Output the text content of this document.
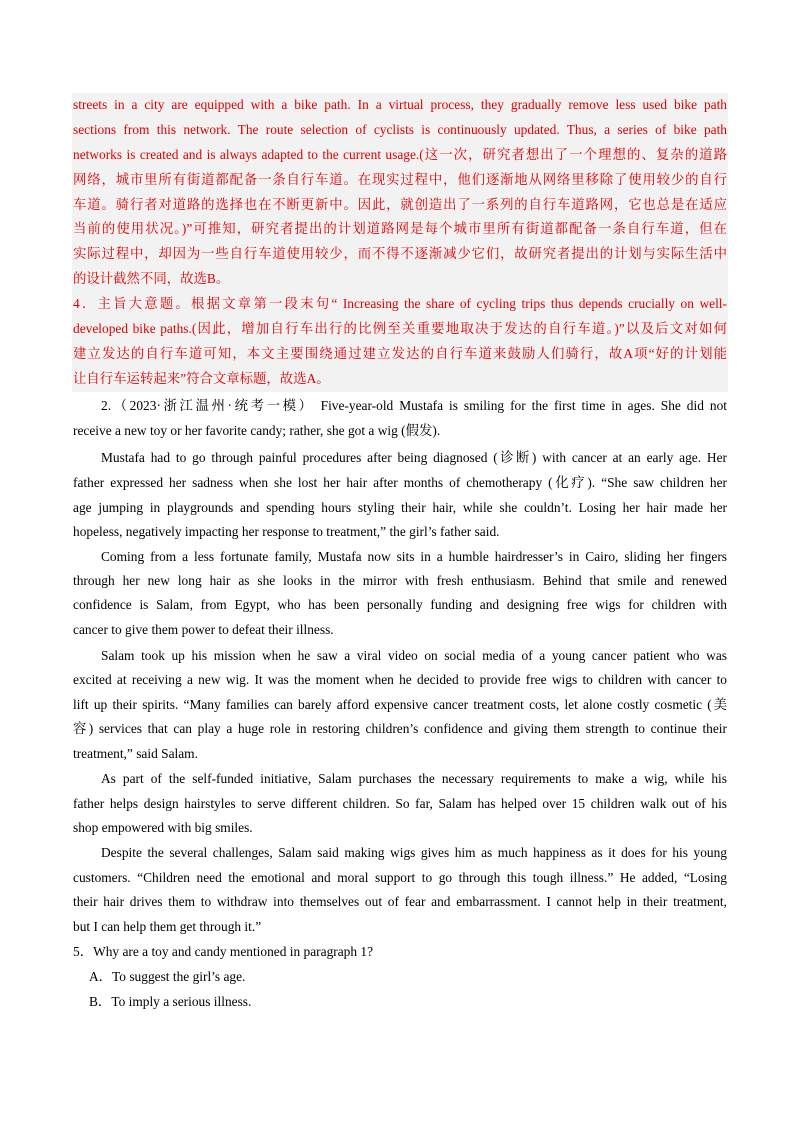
streets in a city are equipped with a bike path. In a virtual process, they gradually remove less used bike path
sections from this network. The route selection of cyclists is continuously updated. Thus, a series of bike path
networks is created and is always adapted to the current usage.(这一次，研究者想出了一个理想的、复杂的道路
网络，城市里所有街道都配备一条自行车道。在现实过程中，他们逐渐地从网络里移除了使用较少的自行
车道。骑行者对道路的选择也在不断更新中。因此，就创造出了一系列的自行车道路网，它也总是在适应
当前的使用状况。)”可推知，研究者提出的计划道路网是每个城市里所有街道都配备一条自行车道，但在
实际过程中，却因为一些自行车道使用较少，而不得不逐渐减少它们，故研究者提出的计划与实际生活中
的设计截然不同，故选B。
4．主旨大意题。根据文章第一段末句“ Increasing the share of cycling trips thus depends crucially on well-
developed bike paths.(因此，增加自行车出行的比例至关重要地取决于发达的自行车道。)”以及后文对如何
建立发达的自行车道可知，本文主要围绕通过建立发达的自行车道来鼓励人们骑行，故A项“好的计划能
让自行车运转起来”符合文章标题，故选A。
2.（2023·浙江温州·统考一模） Five-year-old Mustafa is smiling for the first time in ages. She did not
receive a new toy or her favorite candy; rather, she got a wig (假发).
Mustafa had to go through painful procedures after being diagnosed (诊断) with cancer at an early age. Her
father expressed her sadness when she lost her hair after months of chemotherapy (化疗). “She saw children her
age jumping in playgrounds and spending hours styling their hair, while she couldn’t. Losing her hair made her
hopeless, negatively impacting her response to treatment,” the girl’s father said.
Coming from a less fortunate family, Mustafa now sits in a humble hairdresser’s in Cairo, sliding her fingers
through her new long hair as she looks in the mirror with fresh enthusiasm. Behind that smile and renewed
confidence is Salam, from Egypt, who has been personally funding and designing free wigs for children with
cancer to give them power to defeat their illness.
Salam took up his mission when he saw a viral video on social media of a young cancer patient who was
excited at receiving a new wig. It was the moment when he decided to provide free wigs to children with cancer to
lift up their spirits. “Many families can barely afford expensive cancer treatment costs, let alone costly cosmetic (美
容) services that can play a huge role in restoring children’s confidence and giving them strength to continue their
treatment,” said Salam.
As part of the self-funded initiative, Salam purchases the necessary requirements to make a wig, while his
father helps design hairstyles to serve different children. So far, Salam has helped over 15 children walk out of his
shop empowered with big smiles.
Despite the several challenges, Salam said making wigs gives him as much happiness as it does for his young
customers. “Children need the emotional and moral support to go through this tough illness.” He added, “Losing
their hair drives them to withdraw into themselves out of fear and embarrassment. I cannot help in their treatment,
but I can help them get through it.”
5．Why are a toy and candy mentioned in paragraph 1?
A．To suggest the girl’s age.
B．To imply a serious illness.
